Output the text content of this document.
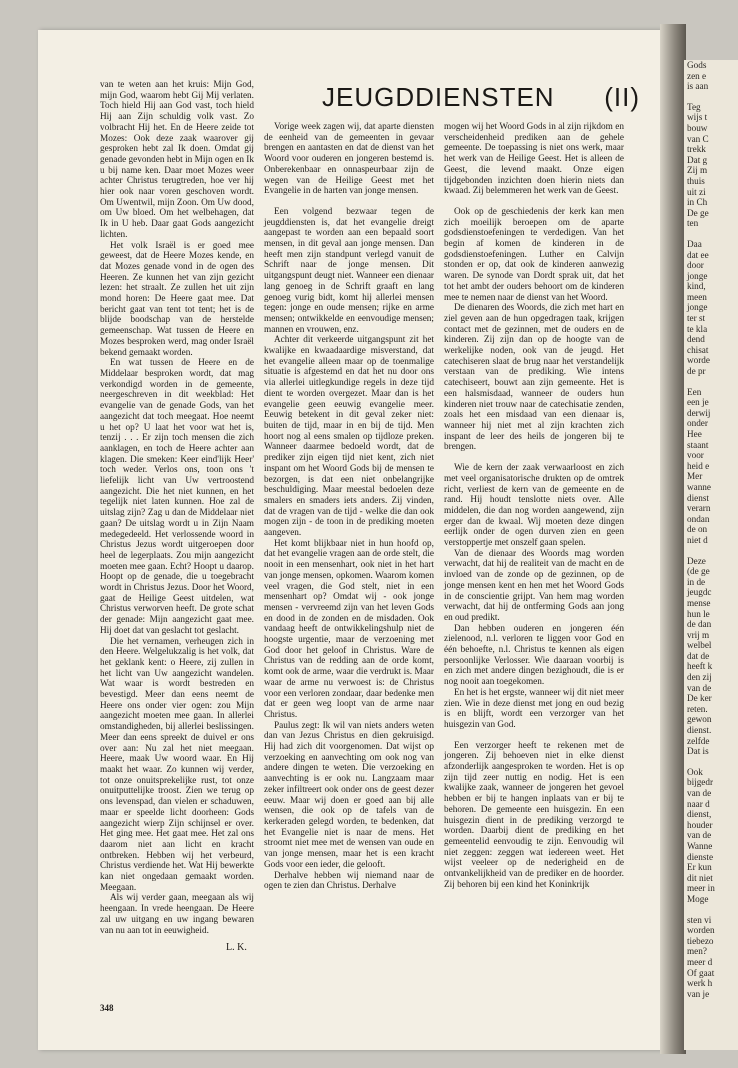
JEUGDDIENSTEN (II)

van te weten aan het kruis: Mijn God, mijn God, waarom hebt Gij Mij verlaten. Toch hield Hij aan God vast, toch hield Hij aan Zijn schuldig volk vast. Zo volbracht Hij het. En de Heere zeide tot Mozes: Ook deze zaak waarover gij gesproken hebt zal Ik doen. Omdat gij genade gevonden hebt in Mijn ogen en Ik u bij name ken. Daar moet Mozes weer achter Christus terugtreden, hoe ver hij hier ook naar voren geschoven wordt. Om Uwentwil, mijn Zoon. Om Uw dood, om Uw bloed. Om het welbehagen, dat Ik in U heb. Daar gaat Gods aangezicht lichten.

Het volk Israël is er goed mee geweest, dat de Heere Mozes kende, en dat Mozes genade vond in de ogen des Heeren. Ze kunnen het van zijn gezicht lezen: het straalt. Ze zullen het uit zijn mond horen: De Heere gaat mee. Dat bericht gaat van tent tot tent; het is de blijde boodschap van de herstelde gemeenschap. Wat tussen de Heere en Mozes besproken werd, mag onder Israël bekend gemaakt worden.

En wat tussen de Heere en de Middelaar besproken wordt, dat mag verkondigd worden in de gemeente, neergeschreven in dit weekblad: Het evangelie van de genade Gods, van het aangezicht dat toch meegaat. Hoe neemt u het op? U laat het voor wat het is, tenzij . . . Er zijn toch mensen die zich aanklagen, en toch de Heere achter aan klagen. Die smeken: Keer eind'lijk Heer' toch weder. Verlos ons, toon ons 't liefelijk licht van Uw vertroostend aangezicht. Die het niet kunnen, en het tegelijk niet laten kunnen. Hoe zal de uitslag zijn? Zag u dan de Middelaar niet gaan? De uitslag wordt u in Zijn Naam medegedeeld. Het verlossende woord in Christus Jezus wordt uitgeroepen door heel de legerplaats. Zou mijn aangezicht moeten mee gaan. Echt? Hoopt u daarop. Hoopt op de genade, die u toegebracht wordt in Christus Jezus. Door het Woord, gaat de Heilige Geest uitdelen, wat Christus verworven heeft. De grote schat der genade: Mijn aangezicht gaat mee. Hij doet dat van geslacht tot geslacht.

Die het vernamen, verheugen zich in den Heere. Welgelukzalig is het volk, dat het geklank kent: o Heere, zij zullen in het licht van Uw aangezicht wandelen. Wat waar is wordt bestreden en bevestigd. Meer dan eens neemt de Heere ons onder vier ogen: zou Mijn aangezicht moeten mee gaan. In allerlei omstandigheden, bij allerlei beslissingen. Meer dan eens spreekt de duivel er ons over aan: Nu zal het niet meegaan. Heere, maak Uw woord waar. En Hij maakt het waar. Zo kunnen wij verder, tot onze onuitsprekelijke rust, tot onze onuitputtelijke troost. Zien we terug op ons levenspad, dan vielen er schaduwen, maar er speelde licht doorheen: Gods aangezicht wierp Zijn schijnsel er over. Het ging mee. Het gaat mee. Het zal ons daarom niet aan licht en kracht ontbreken. Hebben wij het verbeurd, Christus verdiende het. Wat Hij bewerkte kan niet ongedaan gemaakt worden. Meegaan.

Als wij verder gaan, meegaan als wij heengaan. In vrede heengaan. De Heere zal uw uitgang en uw ingang bewaren van nu aan tot in eeuwigheid.

L. K.

Vorige week zagen wij, dat aparte diensten de eenheid van de gemeenten in gevaar brengen en aantasten en dat de dienst van het Woord voor ouderen en jongeren bestemd is. Onberekenbaar en onnaspeurbaar zijn de wegen van de Heilige Geest met het Evangelie in de harten van jonge mensen.

Een volgend bezwaar tegen de jeugddiensten is, dat het evangelie dreigt aangepast te worden aan een bepaald soort mensen, in dit geval aan jonge mensen. Dan heeft men zijn standpunt verlegd vanuit de Schrift naar de jonge mensen. Dit uitgangspunt deugt niet. Wanneer een dienaar lang genoeg in de Schrift graaft en lang genoeg vurig bidt, komt hij allerlei mensen tegen: jonge en oude mensen; rijke en arme mensen; ontwikkelde en eenvoudige mensen; mannen en vrouwen, enz.

Achter dit verkeerde uitgangspunt zit het kwalijke en kwaadaardige misverstand, dat het evangelie alleen maar op de toenmalige situatie is afgestemd en dat het nu door ons via allerlei uitlegkundige regels in deze tijd dient te worden overgezet. Maar dan is het evangelie geen eeuwig evangelie meer. Eeuwig betekent in dit geval zeker niet: buiten de tijd, maar in en bij de tijd. Men hoort nog al eens smalen op tijdloze preken. Wanneer daarmee bedoeld wordt, dat de prediker zijn eigen tijd niet kent, zich niet inspant om het Woord Gods bij de mensen te bezorgen, is dat een niet onbelangrijke beschuldiging. Maar meestal bedoelen deze smalers en smaders iets anders. Zij vinden, dat de vragen van de tijd - welke die dan ook mogen zijn - de toon in de prediking moeten aangeven.

Het komt blijkbaar niet in hun hoofd op, dat het evangelie vragen aan de orde stelt, die nooit in een mensenhart, ook niet in het hart van jonge mensen, opkomen. Waarom komen veel vragen, die God stelt, niet in een mensenhart op? Omdat wij - ook jonge mensen - vervreemd zijn van het leven Gods en dood in de zonden en de misdaden. Ook vandaag heeft de ontwikkelingshulp niet de hoogste urgentie, maar de verzoening met God door het geloof in Christus. Ware de Christus van de redding aan de orde komt, komt ook de arme, waar die verdrukt is. Maar waar de arme nu verwoest is: de Christus voor een verloren zondaar, daar bedenke men dat er geen weg loopt van de arme naar Christus.

Paulus zegt: Ik wil van niets anders weten dan van Jezus Christus en dien gekruisigd. Hij had zich dit voorgenomen. Dat wijst op verzoeking en aanvechting om ook nog van andere dingen te weten. Die verzoeking en aanvechting is er ook nu. Langzaam maar zeker infiltreert ook onder ons de geest dezer eeuw. Maar wij doen er goed aan bij alle wensen, die ook op de tafels van de kerkeraden gelegd worden, te bedenken, dat het Evangelie niet is naar de mens. Het stroomt niet mee met de wensen van oude en van jonge mensen, maar het is een kracht Gods voor een ieder, die gelooft.

Derhalve hebben wij niemand naar de ogen te zien dan Christus. Derhalve

mogen wij het Woord Gods in al zijn rijkdom en verscheidenheid prediken aan de gehele gemeente. De toepassing is niet ons werk, maar het werk van de Heilige Geest. Het is alleen de Geest, die levend maakt. Onze eigen tijdgebonden inzichten doen hierin niets dan kwaad. Zij belemmeren het werk van de Geest.

Ook op de geschiedenis der kerk kan men zich moeilijk beroepen om de aparte godsdienstoefeningen te verdedigen. Van het begin af komen de kinderen in de godsdienstoefeningen. Luther en Calvijn stonden er op, dat ook de kinderen aanwezig waren. De synode van Dordt sprak uit, dat het tot het ambt der ouders behoort om de kinderen mee te nemen naar de dienst van het Woord.

De dienaren des Woords, die zich met hart en ziel geven aan de hun opgedragen taak, krijgen contact met de gezinnen, met de ouders en de kinderen. Zij zijn dan op de hoogte van de werkelijke noden, ook van de jeugd. Het catechiseren slaat de brug naar het verstandelijk verstaan van de prediking. Wie intens catechiseert, bouwt aan zijn gemeente. Het is een halsmisdaad, wanneer de ouders hun kinderen niet trouw naar de catechisatie zenden, zoals het een misdaad van een dienaar is, wanneer hij niet met al zijn krachten zich inspant de leer des heils de jongeren bij te brengen.

Wie de kern der zaak verwaarloost en zich met veel organisatorische drukten op de omtrek richt, verliest de kern van de gemeente en de rand. Hij houdt tenslotte niets over. Alle middelen, die dan nog worden aangewend, zijn erger dan de kwaal. Wij moeten deze dingen eerlijk onder de ogen durven zien en geen verstoppertje met onszelf gaan spelen.

Van de dienaar des Woords mag worden verwacht, dat hij de realiteit van de macht en de invloed van de zonde op de gezinnen, op de jonge mensen kent en hen met het Woord Gods in de conscientie grijpt. Van hem mag worden verwacht, dat hij de ontferming Gods aan jong en oud predikt.

Dan hebben ouderen en jongeren één zielenood, n.l. verloren te liggen voor God en één behoefte, n.l. Christus te kennen als eigen persoonlijke Verlosser. Wie daaraan voorbij is en zich met andere dingen bezighoudt, die is er nog nooit aan toegekomen.

En het is het ergste, wanneer wij dit niet meer zien. Wie in deze dienst met jong en oud bezig is en blijft, wordt een verzorger van het huisgezin van God.

Een verzorger heeft te rekenen met de jongeren. Zij behoeven niet in elke dienst afzonderlijk aangesproken te worden. Het is op zijn tijd zeer nuttig en nodig. Het is een kwalijke zaak, wanneer de jongeren het gevoel hebben er bij te hangen inplaats van er bij te behoren. De gemeente een huisgezin. En een huisgezin dient in de prediking verzorgd te worden. Daarbij dient de prediking en het gemeentelid eenvoudig te zijn. Eenvoudig wil niet zeggen: zeggen wat iedereen weet. Het wijst veeleer op de nederigheid en de ontvankelijkheid van de prediker en de hoorder. Zij behoren bij een kind het Koninkrijk

348
Gods
zen e
is aan
Teg
wijs t
bouw
van C
trekk
Dat g
Zij m
thuis
uit zi
in Ch
De ge
ten
Daa
dat ee
door
jonge
kind,
meen
jonge
ter st
te kla
dend
chisat
worde
de pr
Een
een je
derwij
onder
Hee
staant
voor
heid e
Mer
wanne
dienst
verarn
ondan
de on
niet d
Deze
(de ge
in de
jeugdc
mense
hun le
de dan
vrij m
welbel
dat de
heeft k
den zij
van de
De ker
reten.
gewon
dienst.
zelfde
Dat is
Ook
bijgedr
van de
naar d
dienst,
houder
van de
Wanne
dienste
Er kun
dit niet
meer in
Moge
sten vi
worden
tiebezo
men?
meer d
Of gaat
werk h
van je
